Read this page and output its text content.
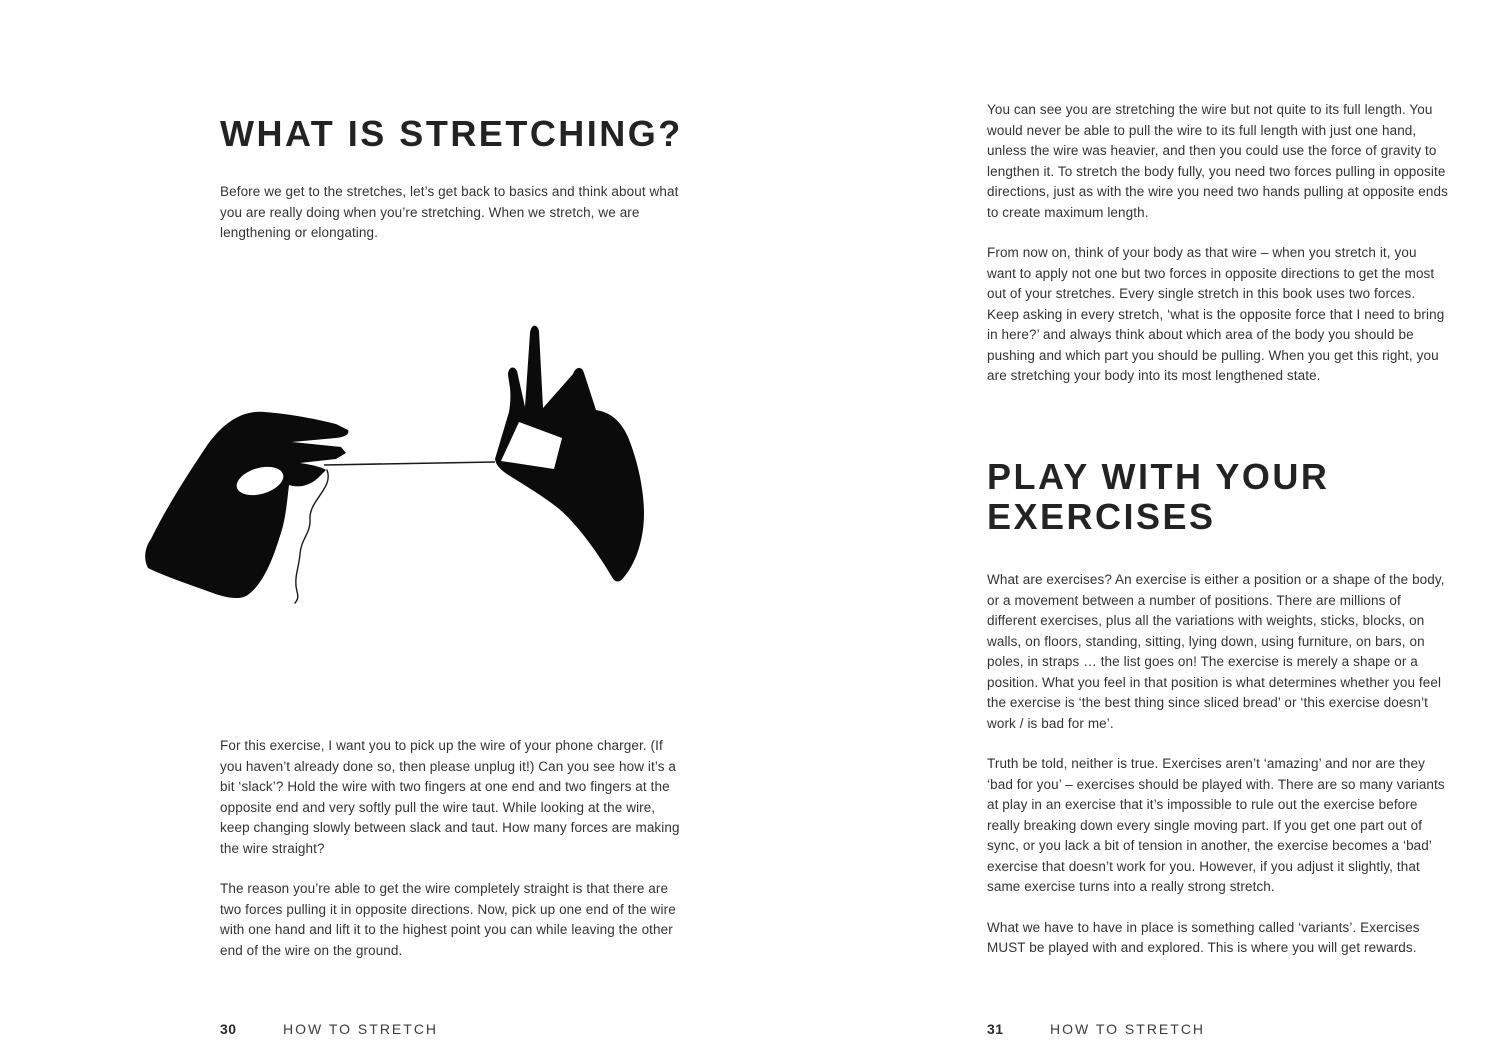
WHAT IS STRETCHING?

Before we get to the stretches, let’s get back to basics and think about what you are really doing when you’re stretching. When we stretch, we are lengthening or elongating.

For this exercise, I want you to pick up the wire of your phone charger. (If you haven’t already done so, then please unplug it!) Can you see how it’s a bit ‘slack’? Hold the wire with two fingers at one end and two fingers at the opposite end and very softly pull the wire taut. While looking at the wire, keep changing slowly between slack and taut. How many forces are making the wire straight?

The reason you’re able to get the wire completely straight is that there are two forces pulling it in opposite directions. Now, pick up one end of the wire with one hand and lift it to the highest point you can while leaving the other end of the wire on the ground.

30	HOW TO STRETCH

You can see you are stretching the wire but not quite to its full length. You would never be able to pull the wire to its full length with just one hand, unless the wire was heavier, and then you could use the force of gravity to lengthen it. To stretch the body fully, you need two forces pulling in opposite directions, just as with the wire you need two hands pulling at opposite ends to create maximum length.

From now on, think of your body as that wire – when you stretch it, you want to apply not one but two forces in opposite directions to get the most out of your stretches. Every single stretch in this book uses two forces. Keep asking in every stretch, ‘what is the opposite force that I need to bring in here?’ and always think about which area of the body you should be pushing and which part you should be pulling. When you get this right, you are stretching your body into its most lengthened state.

PLAY WITH YOUR EXERCISES

What are exercises? An exercise is either a position or a shape of the body, or a movement between a number of positions. There are millions of different exercises, plus all the variations with weights, sticks, blocks, on walls, on floors, standing, sitting, lying down, using furniture, on bars, on poles, in straps … the list goes on! The exercise is merely a shape or a position. What you feel in that position is what determines whether you feel the exercise is ‘the best thing since sliced bread’ or ‘this exercise doesn’t work / is bad for me’.

Truth be told, neither is true. Exercises aren’t ‘amazing’ and nor are they ‘bad for you’ – exercises should be played with. There are so many variants at play in an exercise that it’s impossible to rule out the exercise before really breaking down every single moving part. If you get one part out of sync, or you lack a bit of tension in another, the exercise becomes a ‘bad’ exercise that doesn’t work for you. However, if you adjust it slightly, that same exercise turns into a really strong stretch.

What we have to have in place is something called ‘variants’. Exercises MUST be played with and explored. This is where you will get rewards.

31	HOW TO STRETCH
